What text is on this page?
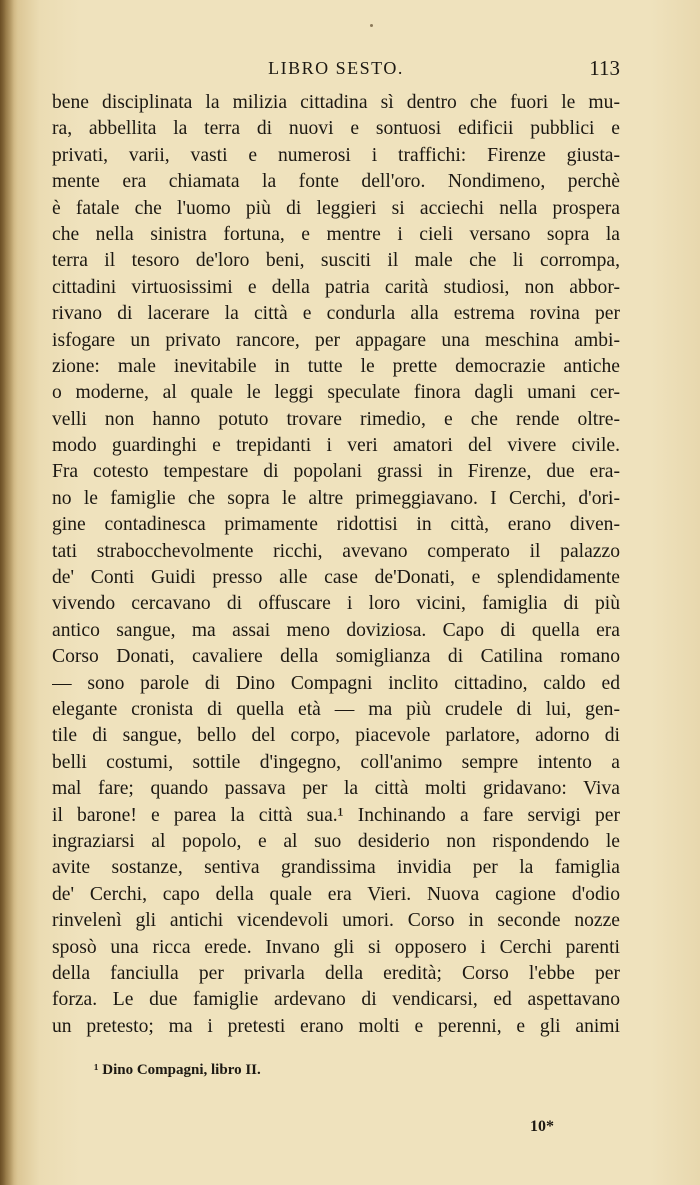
LIBRO SESTO.	113
bene disciplinata la milizia cittadina sì dentro che fuori le mu-
ra, abbellita la terra di nuovi e sontuosi edificii pubblici e
privati, varii, vasti e numerosi i traffichi: Firenze giusta-
mente era chiamata la fonte dell'oro. Nondimeno, perchè
è fatale che l'uomo più di leggieri si acciechi nella prospera
che nella sinistra fortuna, e mentre i cieli versano sopra la
terra il tesoro de'loro beni, susciti il male che li corrompa,
cittadini virtuosissimi e della patria carità studiosi, non abbor-
rivano di lacerare la città e condurla alla estrema rovina per
isfogare un privato rancore, per appagare una meschina ambi-
zione: male inevitabile in tutte le prette democrazie antiche
o moderne, al quale le leggi speculate finora dagli umani cer-
velli non hanno potuto trovare rimedio, e che rende oltre-
modo guardinghi e trepidanti i veri amatori del vivere civile.
Fra cotesto tempestare di popolani grassi in Firenze, due era-
no le famiglie che sopra le altre primeggiavano. I Cerchi, d'ori-
gine contadinesca primamente ridottisi in città, erano diven-
tati strabocchevolmente ricchi, avevano comperato il palazzo
de' Conti Guidi presso alle case de'Donati, e splendidamente
vivendo cercavano di offuscare i loro vicini, famiglia di più
antico sangue, ma assai meno doviziosa. Capo di quella era
Corso Donati, cavaliere della somiglianza di Catilina romano
— sono parole di Dino Compagni inclito cittadino, caldo ed
elegante cronista di quella età — ma più crudele di lui, gen-
tile di sangue, bello del corpo, piacevole parlatore, adorno di
belli costumi, sottile d'ingegno, coll'animo sempre intento a
mal fare; quando passava per la città molti gridavano: Viva
il barone! e parea la città sua.¹ Inchinando a fare servigi per
ingraziarsi al popolo, e al suo desiderio non rispondendo le
avite sostanze, sentiva grandissima invidia per la famiglia
de' Cerchi, capo della quale era Vieri. Nuova cagione d'odio
rinvelenì gli antichi vicendevoli umori. Corso in seconde nozze
sposò una ricca erede. Invano gli si opposero i Cerchi parenti
della fanciulla per privarla della eredità; Corso l'ebbe per
forza. Le due famiglie ardevano di vendicarsi, ed aspettavano
un pretesto; ma i pretesti erano molti e perenni, e gli animi
¹ Dino Compagni, libro II.
10*
